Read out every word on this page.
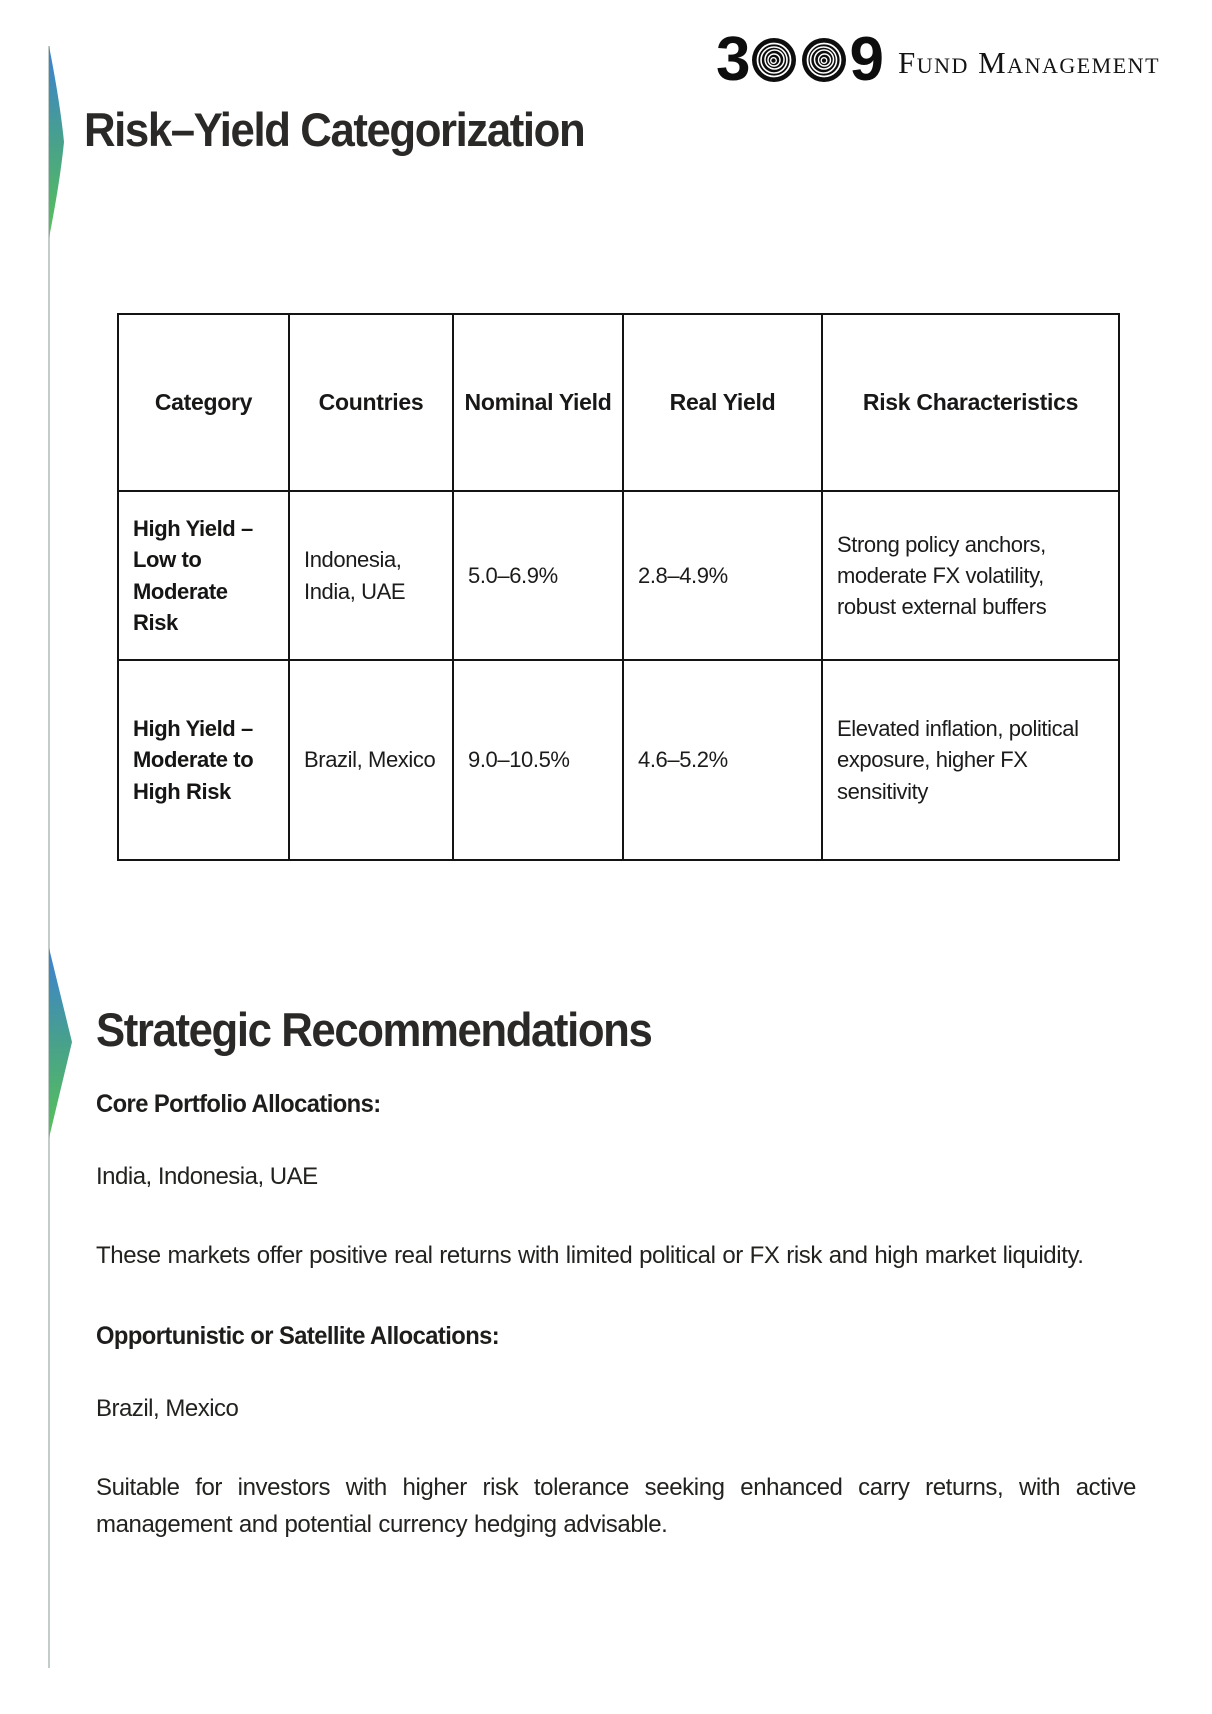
3 9 Fund Management
Risk–Yield Categorization
Category	Countries	Nominal Yield	Real Yield	Risk Characteristics
High Yield – Low to Moderate Risk	Indonesia, India, UAE	5.0–6.9%	2.8–4.9%	Strong policy anchors, moderate FX volatility, robust external buffers
High Yield – Moderate to High Risk	Brazil, Mexico	9.0–10.5%	4.6–5.2%	Elevated inflation, political exposure, higher FX sensitivity
Strategic Recommendations

Core Portfolio Allocations:

India, Indonesia, UAE

These markets offer positive real returns with limited political or FX risk and high market liquidity.

Opportunistic or Satellite Allocations:

Brazil, Mexico

Suitable for investors with higher risk tolerance seeking enhanced carry returns, with active management and potential currency hedging advisable.
